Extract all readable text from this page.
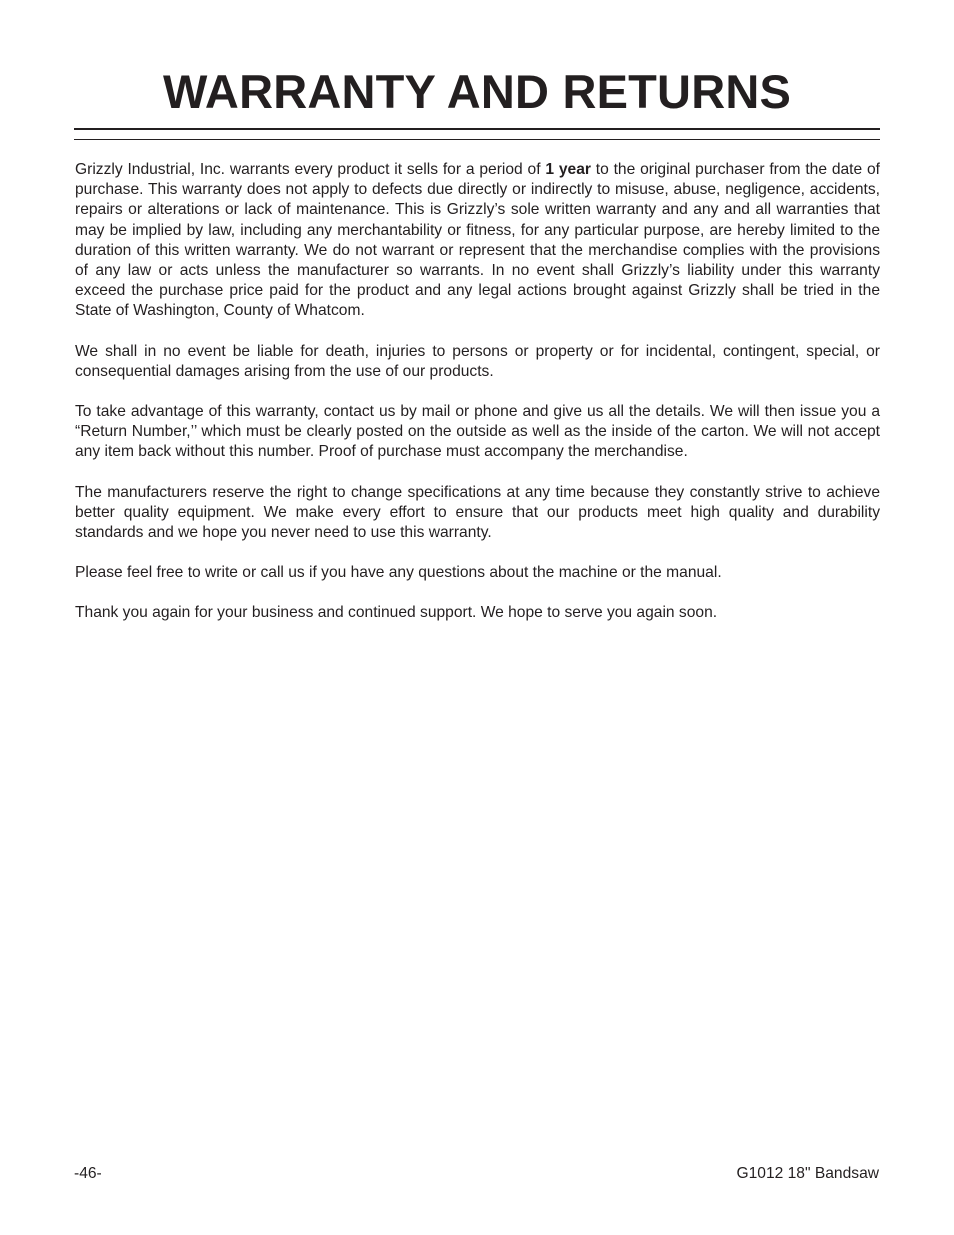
WARRANTY AND RETURNS

Grizzly Industrial, Inc. warrants every product it sells for a period of 1 year to the original purchaser from the date of purchase. This warranty does not apply to defects due directly or indirectly to misuse, abuse, negligence, accidents, repairs or alterations or lack of maintenance. This is Grizzly’s sole written warranty and any and all warranties that may be implied by law, including any merchantability or fitness, for any particular purpose, are hereby limited to the duration of this written warranty. We do not warrant or represent that the merchandise complies with the provisions of any law or acts unless the manufacturer so warrants. In no event shall Grizzly’s liability under this warranty exceed the purchase price paid for the product and any legal actions brought against Grizzly shall be tried in the State of Washington, County of Whatcom.

We shall in no event be liable for death, injuries to persons or property or for incidental, contingent, special, or consequential damages arising from the use of our products.

To take advantage of this warranty, contact us by mail or phone and give us all the details. We will then issue you a “Return Number,’’ which must be clearly posted on the outside as well as the inside of the carton. We will not accept any item back without this number. Proof of purchase must accompany the merchandise.

The manufacturers reserve the right to change specifications at any time because they constantly strive to achieve better quality equipment. We make every effort to ensure that our products meet high quality and durability standards and we hope you never need to use this warranty.

Please feel free to write or call us if you have any questions about the machine or the manual.

Thank you again for your business and continued support. We hope to serve you again soon.

-46-	G1012 18" Bandsaw
